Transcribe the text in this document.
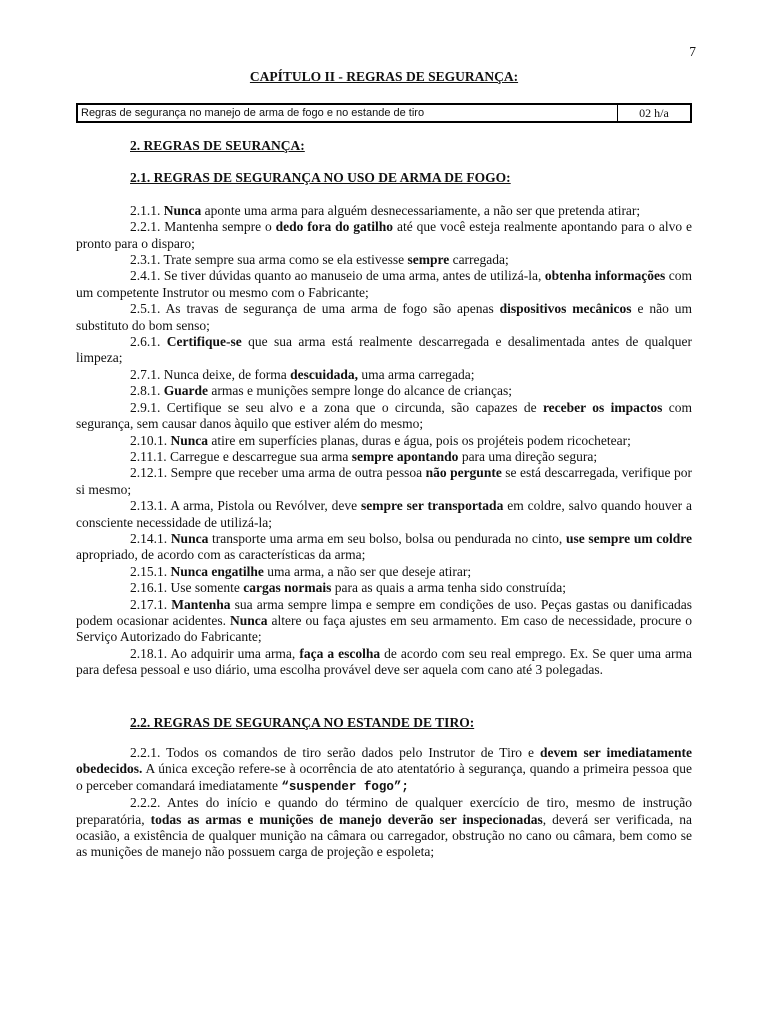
7
CAPÍTULO II - REGRAS DE SEGURANÇA:
Regras de segurança no manejo de arma de fogo e no estande de tiro	02 h/a

2. REGRAS DE SEURANÇA:

2.1. REGRAS DE SEGURANÇA NO USO DE ARMA DE FOGO:

2.1.1. Nunca aponte uma arma para alguém desnecessariamente, a não ser que pretenda atirar;

2.2.1. Mantenha sempre o dedo fora do gatilho até que você esteja realmente apontando para o alvo e pronto para o disparo;

2.3.1. Trate sempre sua arma como se ela estivesse sempre carregada;

2.4.1. Se tiver dúvidas quanto ao manuseio de uma arma, antes de utilizá-la, obtenha informações com um competente Instrutor ou mesmo com o Fabricante;

2.5.1. As travas de segurança de uma arma de fogo são apenas dispositivos mecânicos e não um substituto do bom senso;

2.6.1. Certifique-se que sua arma está realmente descarregada e desalimentada antes de qualquer limpeza;

2.7.1. Nunca deixe, de forma descuidada, uma arma carregada;

2.8.1. Guarde armas e munições sempre longe do alcance de crianças;

2.9.1. Certifique se seu alvo e a zona que o circunda, são capazes de receber os impactos com segurança, sem causar danos àquilo que estiver além do mesmo;

2.10.1. Nunca atire em superfícies planas, duras e água, pois os projéteis podem ricochetear;

2.11.1. Carregue e descarregue sua arma sempre apontando para uma direção segura;

2.12.1. Sempre que receber uma arma de outra pessoa não pergunte se está descarregada, verifique por si mesmo;

2.13.1. A arma, Pistola ou Revólver, deve sempre ser transportada em coldre, salvo quando houver a consciente necessidade de utilizá-la;

2.14.1. Nunca transporte uma arma em seu bolso, bolsa ou pendurada no cinto, use sempre um coldre apropriado, de acordo com as características da arma;

2.15.1. Nunca engatilhe uma arma, a não ser que deseje atirar;

2.16.1. Use somente cargas normais para as quais a arma tenha sido construída;

2.17.1. Mantenha sua arma sempre limpa e sempre em condições de uso. Peças gastas ou danificadas podem ocasionar acidentes. Nunca altere ou faça ajustes em seu armamento. Em caso de necessidade, procure o Serviço Autorizado do Fabricante;

2.18.1. Ao adquirir uma arma, faça a escolha de acordo com seu real emprego. Ex. Se quer uma arma para defesa pessoal e uso diário, uma escolha provável deve ser aquela com cano até 3 polegadas.

2.2. REGRAS DE SEGURANÇA NO ESTANDE DE TIRO:

2.2.1. Todos os comandos de tiro serão dados pelo Instrutor de Tiro e devem ser imediatamente obedecidos. A única exceção refere-se à ocorrência de ato atentatório à segurança, quando a primeira pessoa que o perceber comandará imediatamente “suspender fogo”;

2.2.2. Antes do início e quando do término de qualquer exercício de tiro, mesmo de instrução preparatória, todas as armas e munições de manejo deverão ser inspecionadas, deverá ser verificada, na ocasião, a existência de qualquer munição na câmara ou carregador, obstrução no cano ou câmara, bem como se as munições de manejo não possuem carga de projeção e espoleta;
